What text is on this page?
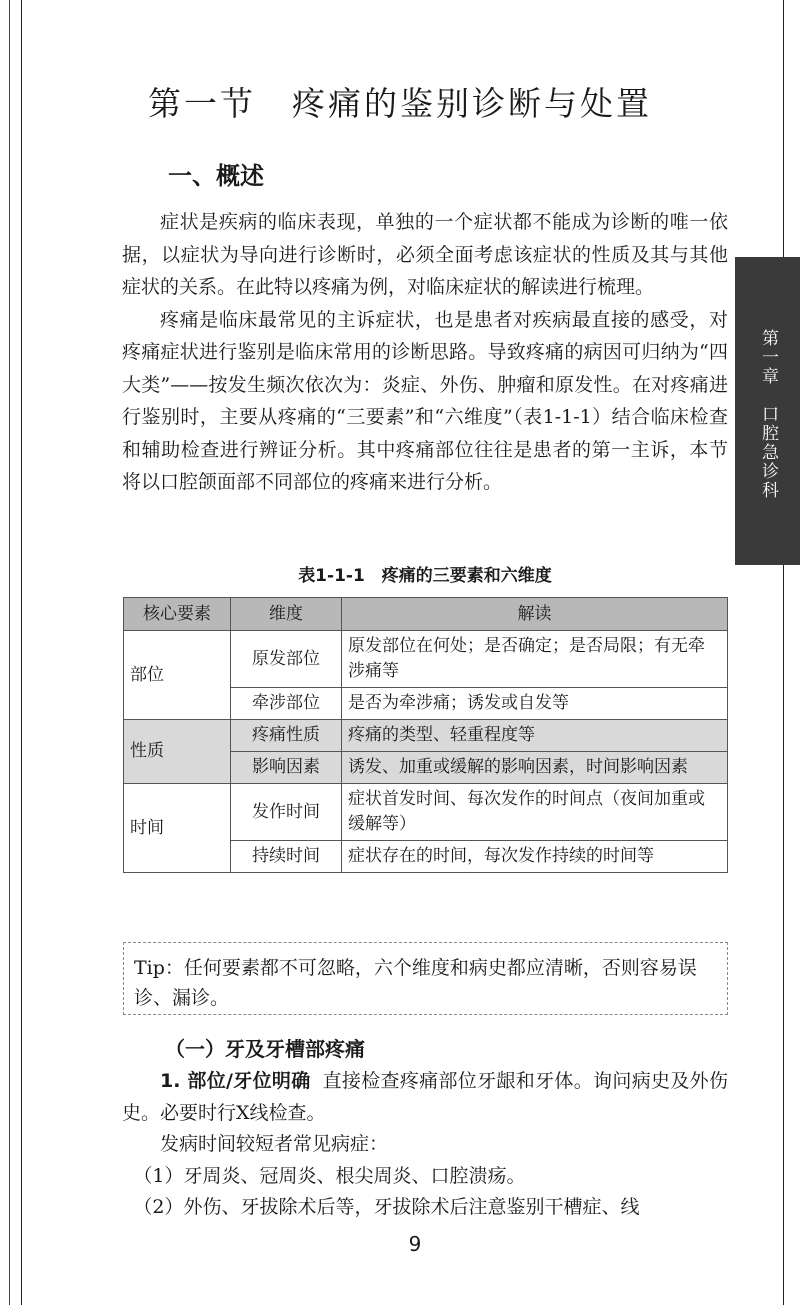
第一节　疼痛的鉴别诊断与处置
一、概述

症状是疾病的临床表现，单独的一个症状都不能成为诊断的唯一依据，以症状为导向进行诊断时，必须全面考虑该症状的性质及其与其他症状的关系。在此特以疼痛为例，对临床症状的解读进行梳理。

疼痛是临床最常见的主诉症状，也是患者对疾病最直接的感受，对疼痛症状进行鉴别是临床常用的诊断思路。导致疼痛的病因可归纳为“四大类”——按发生频次依次为：炎症、外伤、肿瘤和原发性。在对疼痛进行鉴别时，主要从疼痛的“三要素”和“六维度”（表1-1-1）结合临床检查和辅助检查进行辨证分析。其中疼痛部位往往是患者的第一主诉，本节将以口腔颌面部不同部位的疼痛来进行分析。	第一章　口腔急诊科
表1-1-1　疼痛的三要素和六维度
核心要素	维度	解读
部位	原发部位	原发部位在何处；是否确定；是否局限；有无牵涉痛等
	牵涉部位	是否为牵涉痛；诱发或自发等
性质	疼痛性质	疼痛的类型、轻重程度等
	影响因素	诱发、加重或缓解的影响因素，时间影响因素
时间	发作时间	症状首发时间、每次发作的时间点（夜间加重或缓解等）
	持续时间	症状存在的时间，每次发作持续的时间等
Tip：任何要素都不可忽略，六个维度和病史都应清晰，否则容易误诊、漏诊。
（一）牙及牙槽部疼痛

1. 部位/牙位明确 直接检查疼痛部位牙龈和牙体。询问病史及外伤史。必要时行X线检查。

发病时间较短者常见病症：

（1）牙周炎、冠周炎、根尖周炎、口腔溃疡。

（2）外伤、牙拔除术后等，牙拔除术后注意鉴别干槽症、线

9
